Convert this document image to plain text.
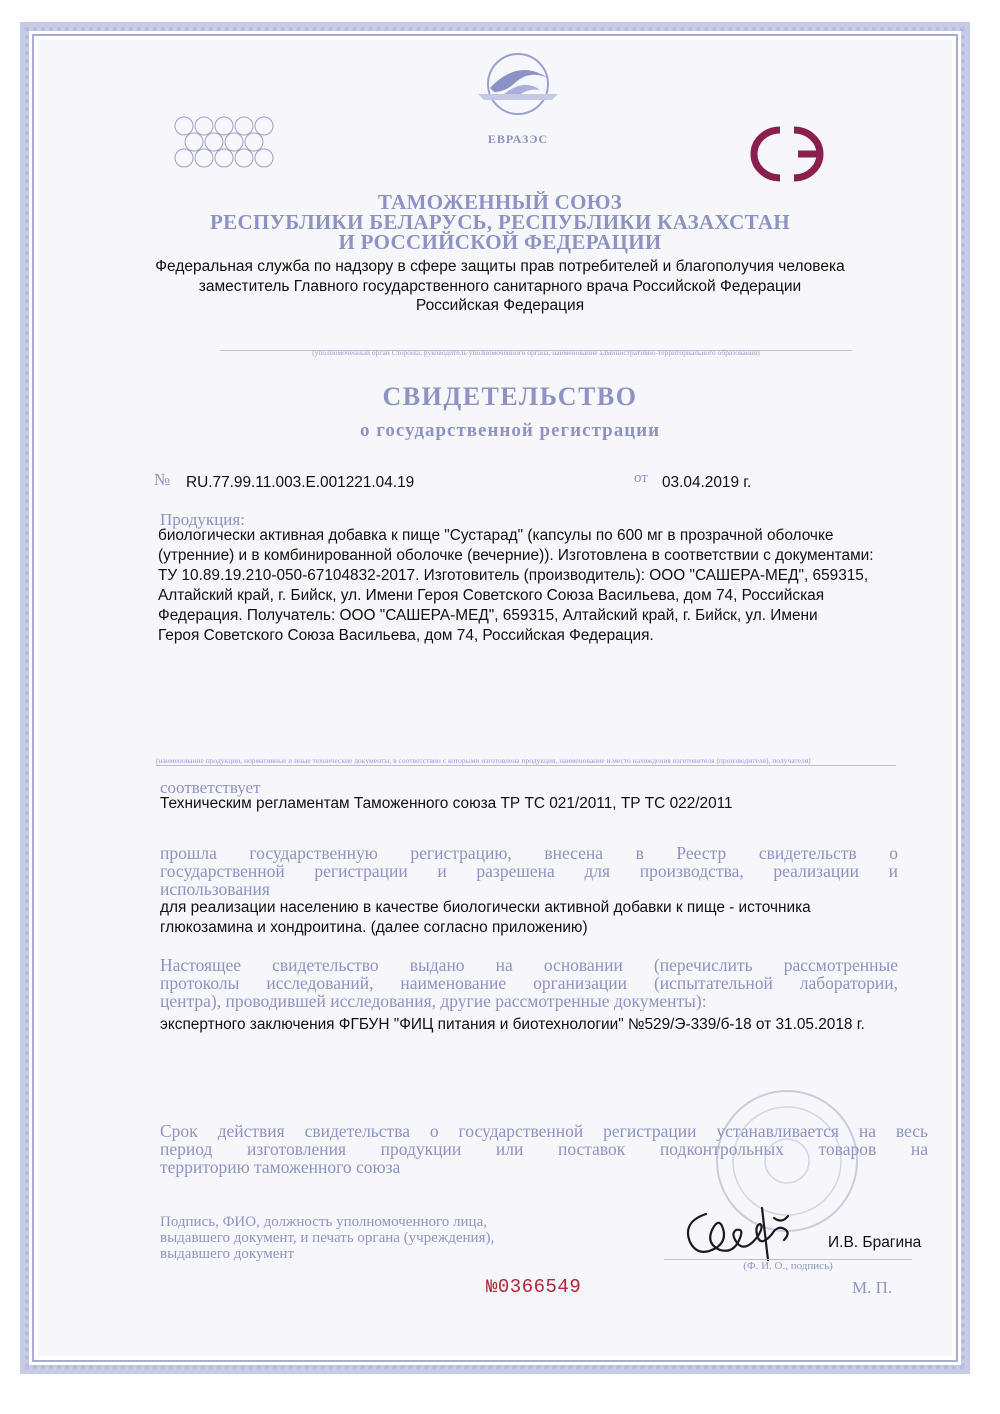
ЕВРАЗЭС
ТАМОЖЕННЫЙ СОЮЗ
РЕСПУБЛИКИ БЕЛАРУСЬ, РЕСПУБЛИКИ КАЗАХСТАН
И РОССИЙСКОЙ ФЕДЕРАЦИИ
Федеральная служба по надзору в сфере защиты прав потребителей и благополучия человека
заместитель Главного государственного санитарного врача Российской Федерации
Российская Федерация
(уполномоченный орган Стороны, руководитель уполномоченного органа, наименование административно-территориального образования)
СВИДЕТЕЛЬСТВО
о государственной регистрации
№ RU.77.99.11.003.Е.001221.04.19	от 03.04.2019 г.
Продукция:
биологически активная добавка к пище "Сустарад" (капсулы по 600 мг в прозрачной оболочке
(утренние) и в комбинированной оболочке (вечерние)). Изготовлена в соответствии с документами:
ТУ 10.89.19.210-050-67104832-2017. Изготовитель (производитель): ООО "САШЕРА-МЕД", 659315,
Алтайский край, г. Бийск, ул. Имени Героя Советского Союза Васильева, дом 74, Российская
Федерация. Получатель: ООО "САШЕРА-МЕД", 659315, Алтайский край, г. Бийск, ул. Имени
Героя Советского Союза Васильева, дом 74, Российская Федерация.
(наименование продукции, нормативные и иные технические документы, в соответствии с которыми изготовлена продукция, наименование и место нахождения изготовителя (производителя), получателя)
соответствует
Техническим регламентам Таможенного союза ТР ТС 021/2011, ТР ТС 022/2011
прошла государственную регистрацию, внесена в Реестр свидетельств о
государственной регистрации и разрешена для производства, реализации и
использования
для реализации населению в качестве биологически активной добавки к пище - источника
глюкозамина и хондроитина. (далее согласно приложению)
Настоящее свидетельство выдано на основании (перечислить рассмотренные
протоколы исследований, наименование организации (испытательной лаборатории,
центра), проводившей исследования, другие рассмотренные документы):
экспертного заключения ФГБУН "ФИЦ питания и биотехнологии" №529/Э-339/б-18 от 31.05.2018 г.
Срок действия свидетельства о государственной регистрации устанавливается на весь
период изготовления продукции или поставок подконтрольных товаров на
территорию таможенного союза
Подпись, ФИО, должность уполномоченного лица,
выдавшего документ, и печать органа (учреждения),
выдавшего документ
И.В. Брагина
(Ф. И. О., подпись)
№0366549	М. П.
